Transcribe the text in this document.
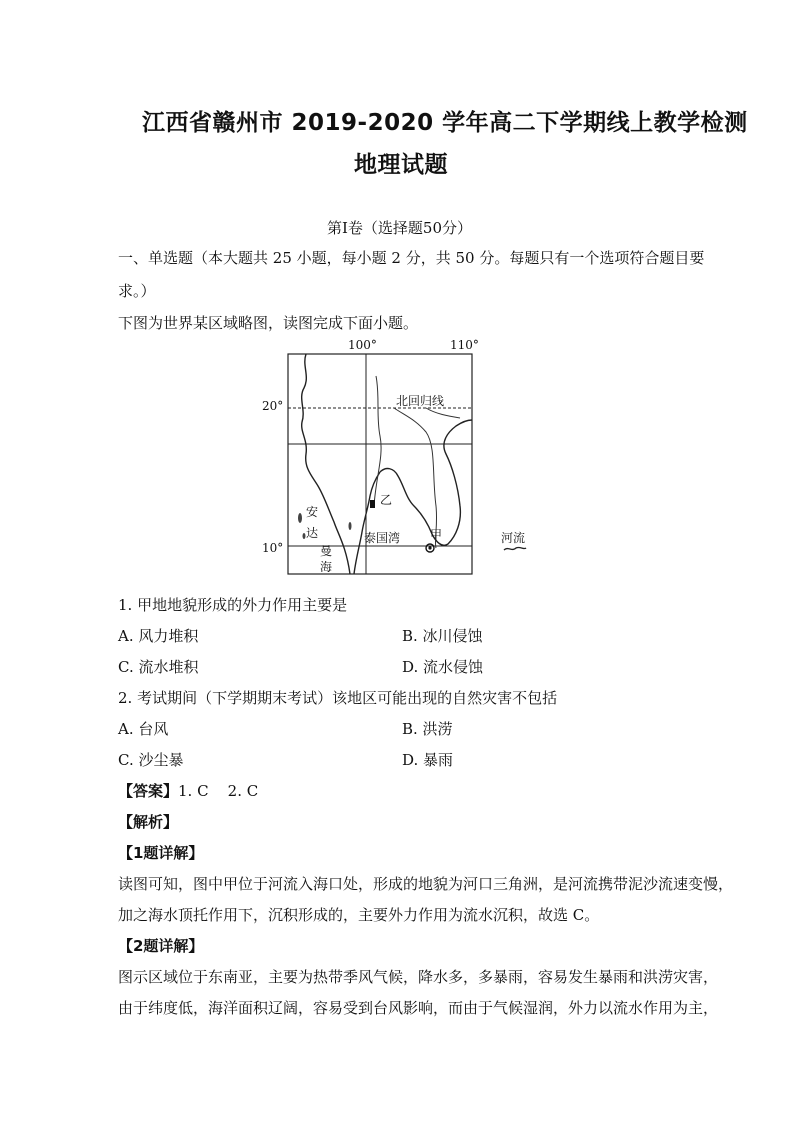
江西省赣州市 2019-2020 学年高二下学期线上教学检测
地理试题
第Ⅰ卷（选择题50分）
一、单选题（本大题共 25 小题，每小题 2 分，共 50 分。每题只有一个选项符合题目要
求。）
下图为世界某区域略图，读图完成下面小题。
100°	110°
20°
10°
北回归线
乙
甲
泰国湾
安
达
曼
海
河流
1. 甲地地貌形成的外力作用主要是
A. 风力堆积	B. 冰川侵蚀
C. 流水堆积	D. 流水侵蚀
2. 考试期间（下学期期末考试）该地区可能出现的自然灾害不包括
A. 台风	B. 洪涝
C. 沙尘暴	D. 暴雨
【答案】1. C    2. C
【解析】
【1题详解】
读图可知，图中甲位于河流入海口处，形成的地貌为河口三角洲，是河流携带泥沙流速变慢，
加之海水顶托作用下，沉积形成的，主要外力作用为流水沉积，故选 C。
【2题详解】
图示区域位于东南亚，主要为热带季风气候，降水多，多暴雨，容易发生暴雨和洪涝灾害，
由于纬度低，海洋面积辽阔，容易受到台风影响，而由于气候湿润，外力以流水作用为主，
